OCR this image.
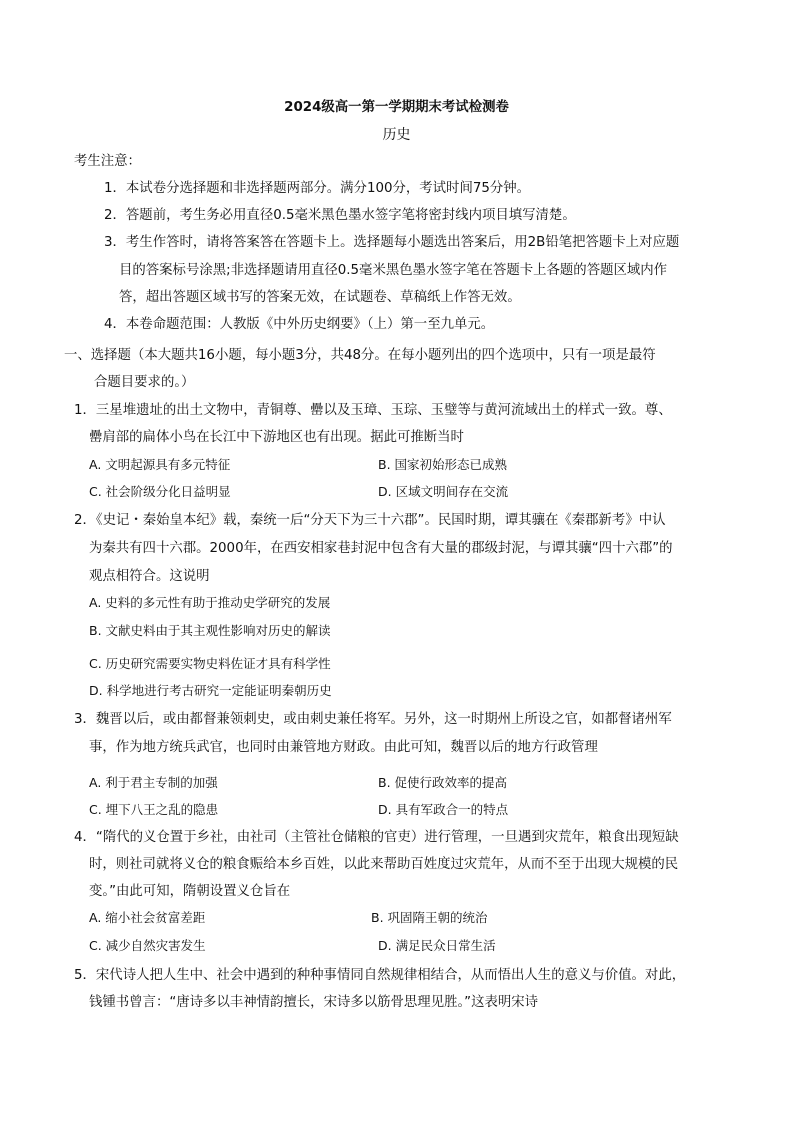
2024级高一第一学期期末考试检测卷
历史
考生注意：
1．本试卷分选择题和非选择题两部分。满分100分，考试时间75分钟。
2．答题前，考生务必用直径0.5毫米黑色墨水签字笔将密封线内项目填写清楚。
3．考生作答时，请将答案答在答题卡上。选择题每小题选出答案后，用2B铅笔把答题卡上对应题
目的答案标号涂黑;非选择题请用直径0.5毫米黑色墨水签字笔在答题卡上各题的答题区域内作
答，超出答题区域书写的答案无效，在试题卷、草稿纸上作答无效。
4．本卷命题范围：人教版《中外历史纲要》（上）第一至九单元。
一、选择题（本大题共16小题，每小题3分，共48分。在每小题列出的四个选项中，只有一项是最符
合题目要求的。）
1．三星堆遗址的出土文物中，青铜尊、罍以及玉璋、玉琮、玉璧等与黄河流域出土的样式一致。尊、
罍肩部的扁体小鸟在长江中下游地区也有出现。据此可推断当时
A. 文明起源具有多元特征	B. 国家初始形态已成熟
C. 社会阶级分化日益明显	D. 区域文明间存在交流
2．《史记・秦始皇本纪》载，秦统一后“分天下为三十六郡”。民国时期，谭其骧在《秦郡新考》中认
为秦共有四十六郡。2000年，在西安相家巷封泥中包含有大量的郡级封泥，与谭其骧“四十六郡”的
观点相符合。这说明
A. 史料的多元性有助于推动史学研究的发展
B. 文献史料由于其主观性影响对历史的解读
C. 历史研究需要实物史料佐证才具有科学性
D. 科学地进行考古研究一定能证明秦朝历史
3．魏晋以后，或由都督兼领刺史，或由刺史兼任将军。另外，这一时期州上所设之官，如都督诸州军
事，作为地方统兵武官，也同时由兼管地方财政。由此可知，魏晋以后的地方行政管理
A. 利于君主专制的加强	B. 促使行政效率的提高
C. 埋下八王之乱的隐患	D. 具有军政合一的特点
4．“隋代的义仓置于乡社，由社司（主管社仓储粮的官吏）进行管理，一旦遇到灾荒年，粮食出现短缺
时，则社司就将义仓的粮食赈给本乡百姓，以此来帮助百姓度过灾荒年，从而不至于出现大规模的民
变。”由此可知，隋朝设置义仓旨在
A. 缩小社会贫富差距	B. 巩固隋王朝的统治
C. 减少自然灾害发生	D. 满足民众日常生活
5．宋代诗人把人生中、社会中遇到的种种事情同自然规律相结合，从而悟出人生的意义与价值。对此，
钱锺书曾言：“唐诗多以丰神情韵擅长，宋诗多以筋骨思理见胜。”这表明宋诗
